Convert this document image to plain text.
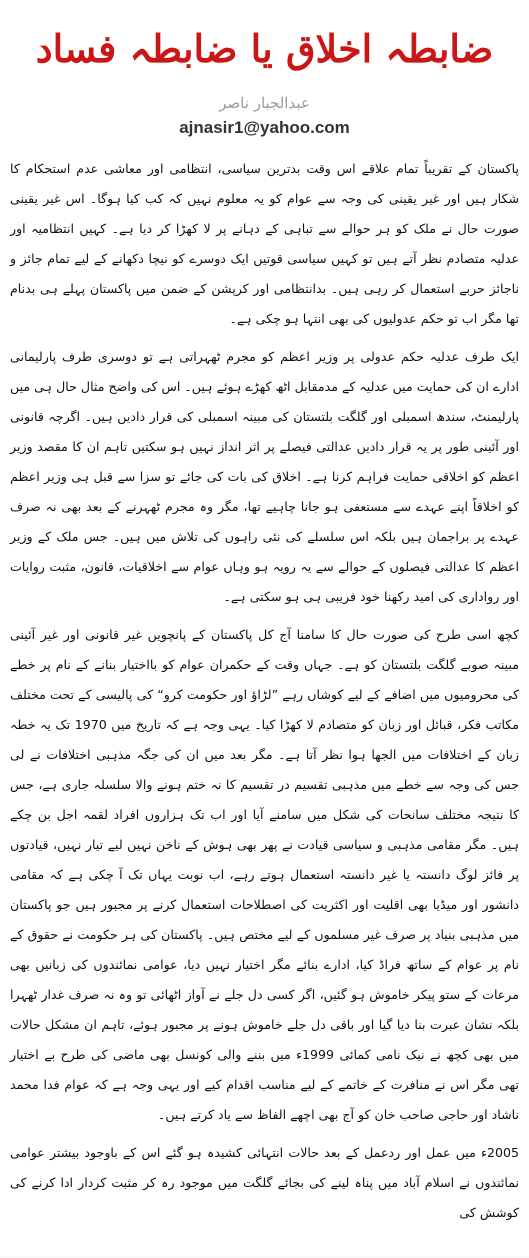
ضابطہ اخلاق یا ضابطہ فساد
عبدالجبار ناصر
ajnasir1@yahoo.com

پاکستان کے تقریباً تمام علاقے اس وقت بدترین سیاسی، انتظامی اور معاشی عدم استحکام کا شکار ہیں اور غیر یقینی کی وجہ سے عوام کو یہ معلوم نہیں کہ کب کیا ہوگا۔ اس غیر یقینی صورت حال نے ملک کو ہر حوالے سے تباہی کے دہانے پر لا کھڑا کر دیا ہے۔ کہیں انتظامیہ اور عدلیہ متصادم نظر آتے ہیں تو کہیں سیاسی قوتیں ایک دوسرے کو نیچا دکھانے کے لیے تمام جائز و ناجائز حربے استعمال کر رہی ہیں۔ بدانتظامی اور کرپشن کے ضمن میں پاکستان پہلے ہی بدنام تھا مگر اب تو حکم عدولیوں کی بھی انتہا ہو چکی ہے۔

ایک طرف عدلیہ حکم عدولی پر وزیر اعظم کو مجرم ٹھہراتی ہے تو دوسری طرف پارلیمانی ادارے ان کی حمایت میں عدلیہ کے مدمقابل اٹھ کھڑے ہوئے ہیں۔ اس کی واضح مثال حال ہی میں پارلیمنٹ، سندھ اسمبلی اور گلگت بلتستان کی مبینہ اسمبلی کی قرار دادیں ہیں۔ اگرچہ قانونی اور آئینی طور پر یہ قرار دادیں عدالتی فیصلے پر اثر انداز نہیں ہو سکتیں تاہم ان کا مقصد وزیر اعظم کو اخلاقی حمایت فراہم کرنا ہے۔ اخلاق کی بات کی جائے تو سزا سے قبل ہی وزیر اعظم کو اخلاقاً اپنے عہدے سے مستعفی ہو جانا چاہیے تھا، مگر وہ مجرم ٹھہرنے کے بعد بھی نہ صرف عہدے پر براجمان ہیں بلکہ اس سلسلے کی نئی راہوں کی تلاش میں ہیں۔ جس ملک کے وزیر اعظم کا عدالتی فیصلوں کے حوالے سے یہ رویہ ہو وہاں عوام سے اخلاقیات، قانون، مثبت روایات اور رواداری کی امید رکھنا خود فریبی ہی ہو سکتی ہے۔

کچھ اسی طرح کی صورت حال کا سامنا آج کل پاکستان کے پانچویں غیر قانونی اور غیر آئینی مبینہ صوبے گلگت بلتستان کو ہے۔ جہاں وقت کے حکمران عوام کو بااختیار بنانے کے نام پر خطے کی محرومیوں میں اضافے کے لیے کوشاں رہے ”لڑاؤ اور حکومت کرو“ کی پالیسی کے تحت مختلف مکاتب فکر، قبائل اور زبان کو متصادم لا کھڑا کیا۔ یہی وجہ ہے کہ تاریخ میں 1970 تک یہ خطہ زبان کے اختلافات میں الجھا ہوا نظر آتا ہے۔ مگر بعد میں ان کی جگہ مذہبی اختلافات نے لی جس کی وجہ سے خطے میں مذہبی تقسیم در تقسیم کا نہ ختم ہونے والا سلسلہ جاری ہے، جس کا نتیجہ مختلف سانحات کی شکل میں سامنے آیا اور اب تک ہزاروں افراد لقمہ اجل بن چکے ہیں۔ مگر مقامی مذہبی و سیاسی قیادت نے پھر بھی ہوش کے ناخن نہیں لیے تیار نہیں، قیادتوں پر فائز لوگ دانستہ یا غیر دانستہ استعمال ہوتے رہے، اب نوبت یہاں تک آ چکی ہے کہ مقامی دانشور اور میڈیا بھی اقلیت اور اکثریت کی اصطلاحات استعمال کرنے پر مجبور ہیں جو پاکستان میں مذہبی بنیاد پر صرف غیر مسلموں کے لیے مختص ہیں۔ پاکستان کی ہر حکومت نے حقوق کے نام پر عوام کے ساتھ فراڈ کیا، ادارے بنائے مگر اختیار نہیں دیا، عوامی نمائندوں کی زبانیں بھی مرعات کے ستو پیکر خاموش ہو گئیں، اگر کسی دل جلے نے آواز اٹھائی تو وہ نہ صرف غدار ٹھہرا بلکہ نشان عبرت بنا دیا گیا اور باقی دل جلے خاموش ہونے پر مجبور ہوئے، تاہم ان مشکل حالات میں بھی کچھ نے نیک نامی کمائی 1999ء میں بننے والی کونسل بھی ماضی کی طرح بے اختیار تھی مگر اس نے منافرت کے خاتمے کے لیے مناسب اقدام کیے اور یہی وجہ ہے کہ عوام فدا محمد ناشاد اور حاجی صاحب خان کو آج بھی اچھے الفاظ سے یاد کرتے ہیں۔

2005ء میں عمل اور ردعمل کے بعد حالات انتہائی کشیدہ ہو گئے اس کے باوجود بیشتر عوامی نمائندوں نے اسلام آباد میں پناہ لینے کی بجائے گلگت میں موجود رہ کر مثبت کردار ادا کرنے کی کوشش کی
